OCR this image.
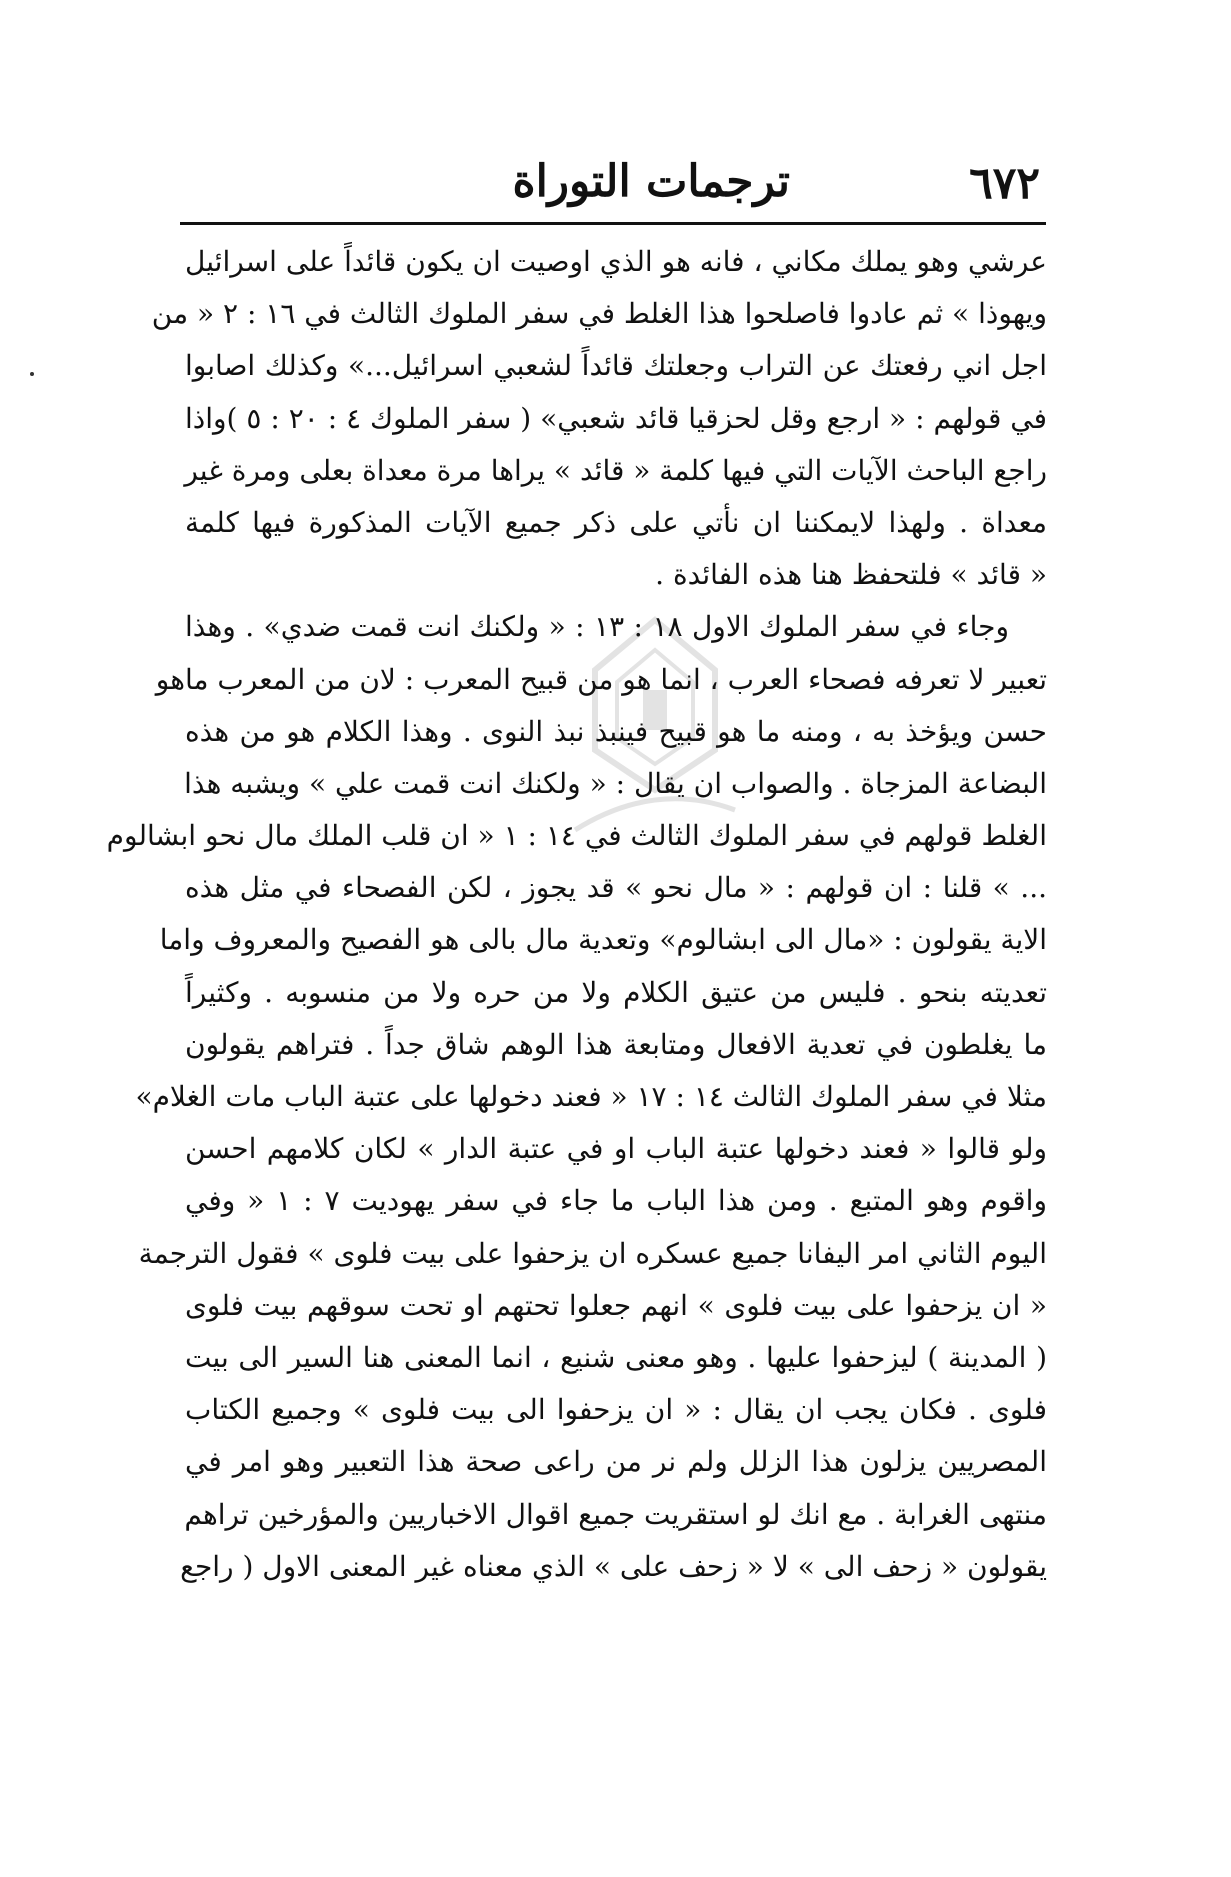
٦٧٢
ترجمات التوراة
عرشي وهو يملك مكاني ، فانه هو الذي اوصيت ان يكون قائداً على اسرائيل
ويهوذا » ثم عادوا فاصلحوا هذا الغلط في سفر الملوك الثالث في ١٦ : ٢ « من
اجل اني رفعتك عن التراب وجعلتك قائداً لشعبي اسرائيل...» وكذلك اصابوا
في قولهم : « ارجع وقل لحزقيا قائد شعبي» ( سفر الملوك ٤ : ٢٠ : ٥ )واذا
راجع الباحث الآيات التي فيها كلمة « قائد » يراها مرة معداة بعلى ومرة غير
معداة . ولهذا لايمكننا ان نأتي على ذكر جميع الآيات المذكورة فيها كلمة
« قائد » فلتحفظ هنا هذه الفائدة .
وجاء في سفر الملوك الاول ١٨ : ١٣ : « ولكنك انت قمت ضدي» . وهذا
تعبير لا تعرفه فصحاء العرب ، انما هو من قبيح المعرب : لان من المعرب ماهو
حسن ويؤخذ به ، ومنه ما هو قبيح فينبذ نبذ النوى . وهذا الكلام هو من هذه
البضاعة المزجاة . والصواب ان يقال : « ولكنك انت قمت علي » ويشبه هذا
الغلط قولهم في سفر الملوك الثالث في ١٤ : ١ « ان قلب الملك مال نحو ابشالوم
... » قلنا : ان قولهم : « مال نحو » قد يجوز ، لكن الفصحاء في مثل هذه
الاية يقولون : «مال الى ابشالوم» وتعدية مال بالى هو الفصيح والمعروف واما
تعديته بنحو . فليس من عتيق الكلام ولا من حره ولا من منسوبه . وكثيراً
ما يغلطون في تعدية الافعال ومتابعة هذا الوهم شاق جداً . فتراهم يقولون
مثلا في سفر الملوك الثالث ١٤ : ١٧ « فعند دخولها على عتبة الباب مات الغلام»
ولو قالوا « فعند دخولها عتبة الباب او في عتبة الدار » لكان كلامهم احسن
واقوم وهو المتبع . ومن هذا الباب ما جاء في سفر يهوديت ٧ : ١ « وفي
اليوم الثاني امر اليفانا جميع عسكره ان يزحفوا على بيت فلوى » فقول الترجمة
« ان يزحفوا على بيت فلوى » انهم جعلوا تحتهم او تحت سوقهم بيت فلوى
( المدينة ) ليزحفوا عليها . وهو معنى شنيع ، انما المعنى هنا السير الى بيت
فلوى . فكان يجب ان يقال : « ان يزحفوا الى بيت فلوى » وجميع الكتاب
المصريين يزلون هذا الزلل ولم نر من راعى صحة هذا التعبير وهو امر في
منتهى الغرابة . مع انك لو استقريت جميع اقوال الاخباريين والمؤرخين تراهم
يقولون « زحف الى » لا « زحف على » الذي معناه غير المعنى الاول ( راجع
